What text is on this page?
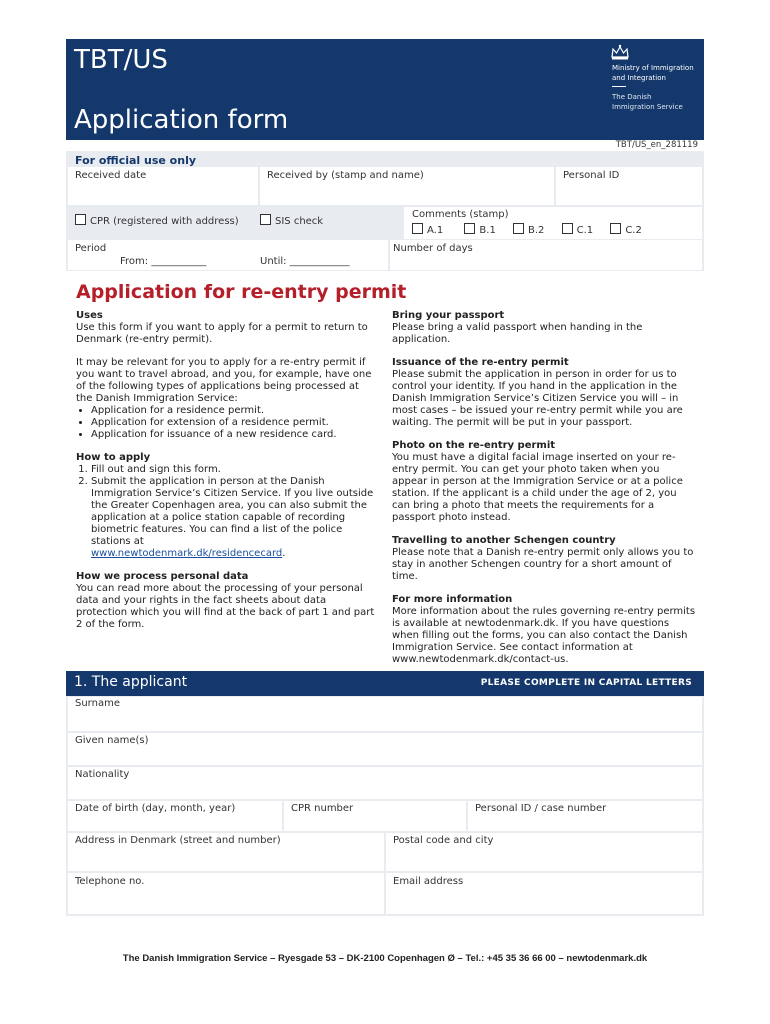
TBT/US
Application form
Ministry of Immigration
and Integration
The Danish
Immigration Service
TBT/US_en_281119
For official use only
Received date	Received by (stamp and name)	Personal ID
CPR (registered with address)	SIS check
Comments (stamp)
A.1	B.1	B.2	C.1	C.2
Period
From: ___________	Until: ____________
Number of days
Application for re-entry permit
Uses

Use this form if you want to apply for a permit to return to Denmark (re-entry permit).

It may be relevant for you to apply for a re-entry permit if you want to travel abroad, and you, for example, have one of the following types of applications being processed at the Danish Immigration Service:

• Application for a residence permit.
• Application for extension of a residence permit.
• Application for issuance of a new residence card.
How to apply
1. Fill out and sign this form.
2. Submit the application in person at the Danish Immigration Service’s Citizen Service. If you live outside the Greater Copenhagen area, you can also submit the application at a police station capable of recording biometric features. You can find a list of the police stations at
www.newtodenmark.dk/residencecard.
How we process personal data

You can read more about the processing of your personal data and your rights in the fact sheets about data protection which you will find at the back of part 1 and part 2 of the form.

Bring your passport

Please bring a valid passport when handing in the application.

Issuance of the re-entry permit

Please submit the application in person in order for us to control your identity. If you hand in the application in the Danish Immigration Service’s Citizen Service you will – in most cases – be issued your re-entry permit while you are waiting. The permit will be put in your passport.

Photo on the re-entry permit

You must have a digital facial image inserted on your re-entry permit. You can get your photo taken when you appear in person at the Immigration Service or at a police station. If the applicant is a child under the age of 2, you can bring a photo that meets the requirements for a passport photo instead.

Travelling to another Schengen country

Please note that a Danish re-entry permit only allows you to stay in another Schengen country for a short amount of time.

For more information

More information about the rules governing re-entry permits is available at newtodenmark.dk. If you have questions when filling out the forms, you can also contact the Danish Immigration Service. See contact information at www.newtodenmark.dk/contact-us.

1. The applicant	PLEASE COMPLETE IN CAPITAL LETTERS
Surname
Given name(s)
Nationality
Date of birth (day, month, year)	CPR number	Personal ID / case number
Address in Denmark (street and number)	Postal code and city
Telephone no.	Email address
The Danish Immigration Service – Ryesgade 53 – DK-2100 Copenhagen Ø – Tel.: +45 35 36 66 00 – newtodenmark.dk
